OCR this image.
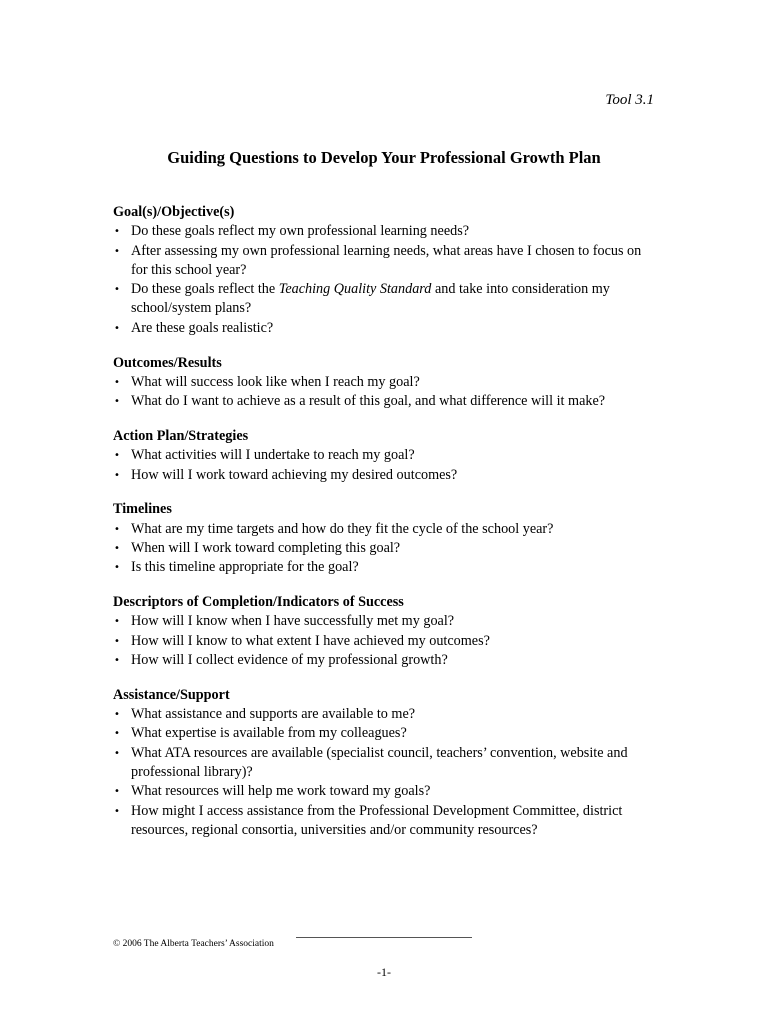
Tool 3.1
Guiding Questions to Develop Your Professional Growth Plan

Goal(s)/Objective(s)

• Do these goals reflect my own professional learning needs?
• After assessing my own professional learning needs, what areas have I chosen to focus on for this school year?
• Do these goals reflect the Teaching Quality Standard and take into consideration my school/system plans?
• Are these goals realistic?

Outcomes/Results

• What will success look like when I reach my goal?
• What do I want to achieve as a result of this goal, and what difference will it make?

Action Plan/Strategies

• What activities will I undertake to reach my goal?
• How will I work toward achieving my desired outcomes?

Timelines

• What are my time targets and how do they fit the cycle of the school year?
• When will I work toward completing this goal?
• Is this timeline appropriate for the goal?

Descriptors of Completion/Indicators of Success

• How will I know when I have successfully met my goal?
• How will I know to what extent I have achieved my outcomes?
• How will I collect evidence of my professional growth?

Assistance/Support

• What assistance and supports are available to me?
• What expertise is available from my colleagues?
• What ATA resources are available (specialist council, teachers’ convention, website and professional library)?
• What resources will help me work toward my goals?
• How might I access assistance from the Professional Development Committee, district resources, regional consortia, universities and/or community resources?
© 2006 The Alberta Teachers’ Association
-1-
